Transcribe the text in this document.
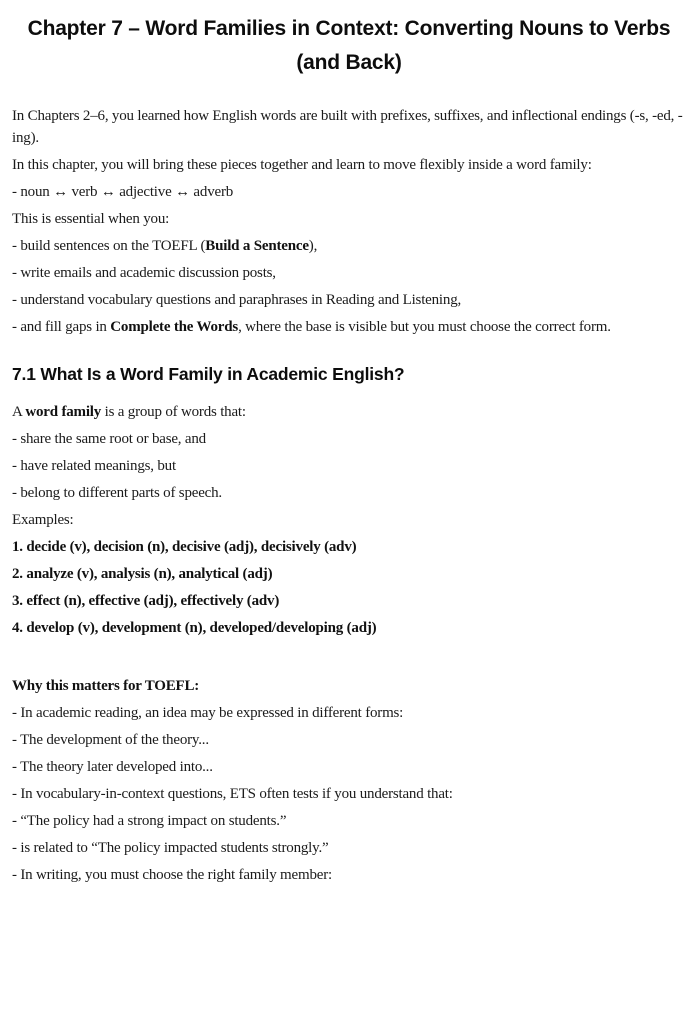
Chapter 7 – Word Families in Context: Converting Nouns to Verbs (and Back)

In Chapters 2–6, you learned how English words are built with prefixes, suffixes, and inflectional endings (-s, -ed, -ing).

In this chapter, you will bring these pieces together and learn to move flexibly inside a word family:

- noun ↔ verb ↔ adjective ↔ adverb

This is essential when you:

- build sentences on the TOEFL (Build a Sentence),

- write emails and academic discussion posts,

- understand vocabulary questions and paraphrases in Reading and Listening,

- and fill gaps in Complete the Words, where the base is visible but you must choose the correct form.

7.1 What Is a Word Family in Academic English?

A word family is a group of words that:

- share the same root or base, and

- have related meanings, but

- belong to different parts of speech.

Examples:

1. decide (v), decision (n), decisive (adj), decisively (adv)

2. analyze (v), analysis (n), analytical (adj)

3. effect (n), effective (adj), effectively (adv)

4. develop (v), development (n), developed/developing (adj)

Why this matters for TOEFL:

- In academic reading, an idea may be expressed in different forms:

- The development of the theory...

- The theory later developed into...

- In vocabulary-in-context questions, ETS often tests if you understand that:

- “The policy had a strong impact on students.”

- is related to “The policy impacted students strongly.”

- In writing, you must choose the right family member:
